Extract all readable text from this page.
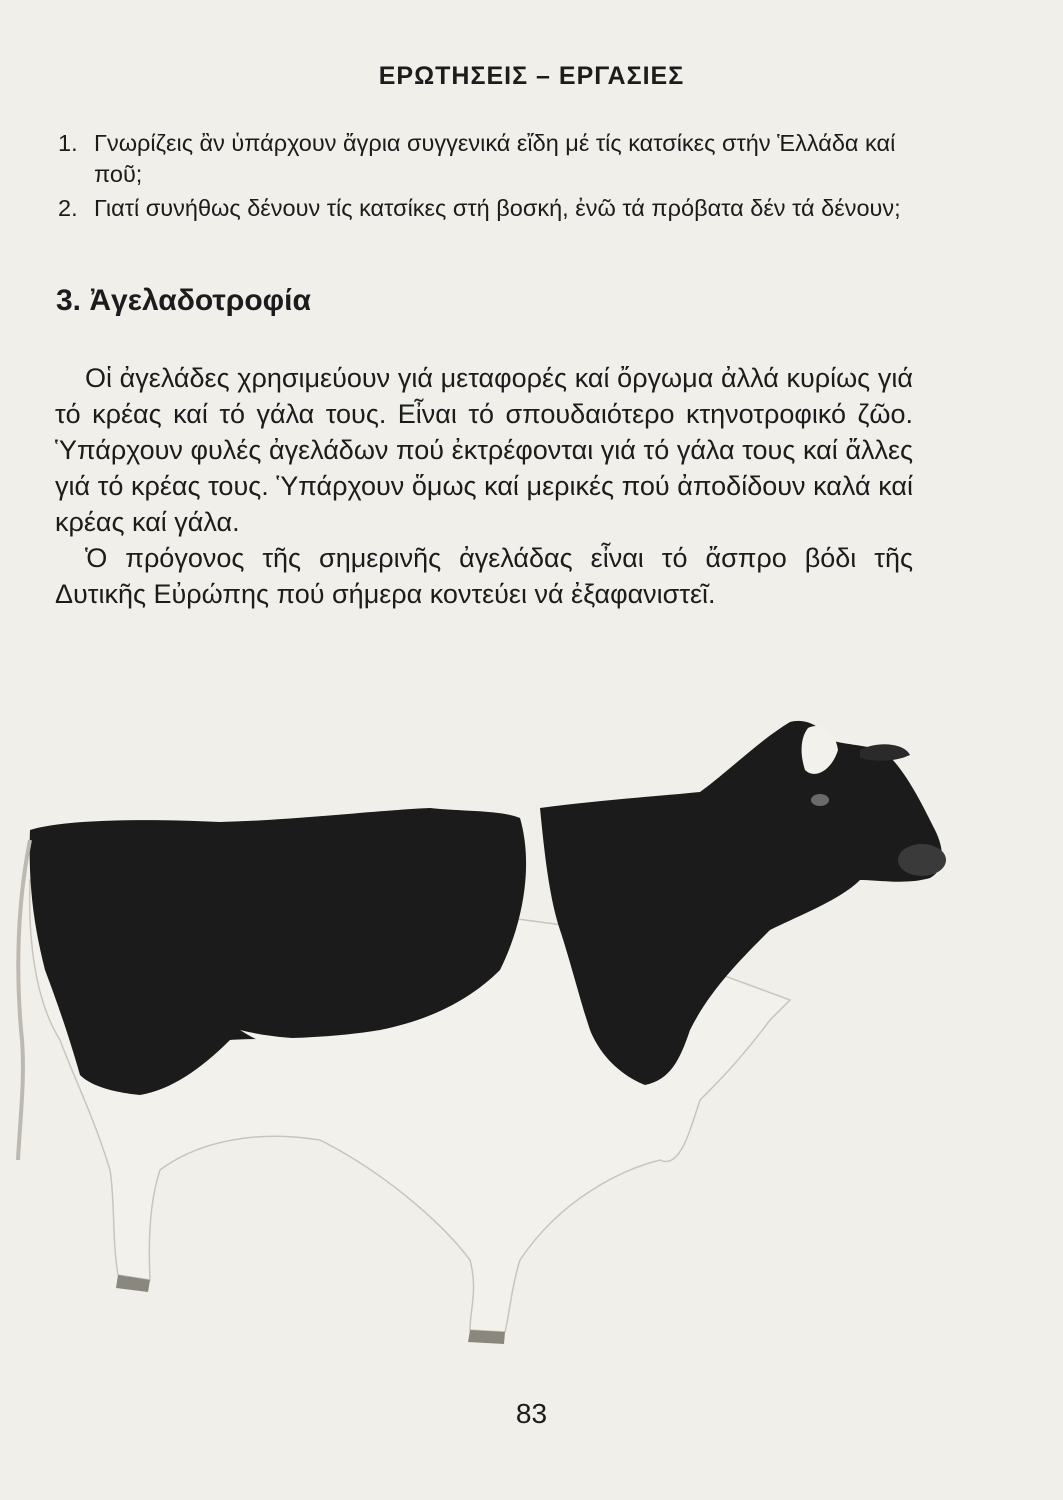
ΕΡΩΤΗΣΕΙΣ – ΕΡΓΑΣΙΕΣ
1. Γνωρίζεις ἂν ὑπάρχουν ἄγρια συγγενικά εἴδη μέ τίς κατσίκες στήν Ἑλλάδα καί ποῦ;
2. Γιατί συνήθως δένουν τίς κατσίκες στή βοσκή, ἐνῶ τά πρόβατα δέν τά δένουν;
3. Ἀγελαδοτροφία

Οἱ ἀγελάδες χρησιμεύουν γιά μεταφορές καί ὄργωμα ἀλλά κυρίως γιά τό κρέας καί τό γάλα τους. Εἶναι τό σπουδαιότερο κτηνοτροφικό ζῶο. Ὑπάρχουν φυλές ἀγελάδων πού ἐκτρέφονται γιά τό γάλα τους καί ἄλλες γιά τό κρέας τους. Ὑπάρχουν ὅμως καί μερικές πού ἀποδίδουν καλά καί κρέας καί γάλα.

Ὁ πρόγονος τῆς σημερινῆς ἀγελάδας εἶναι τό ἄσπρο βόδι τῆς Δυτικῆς Εὐρώπης πού σήμερα κοντεύει νά ἐξαφανιστεῖ.

83
